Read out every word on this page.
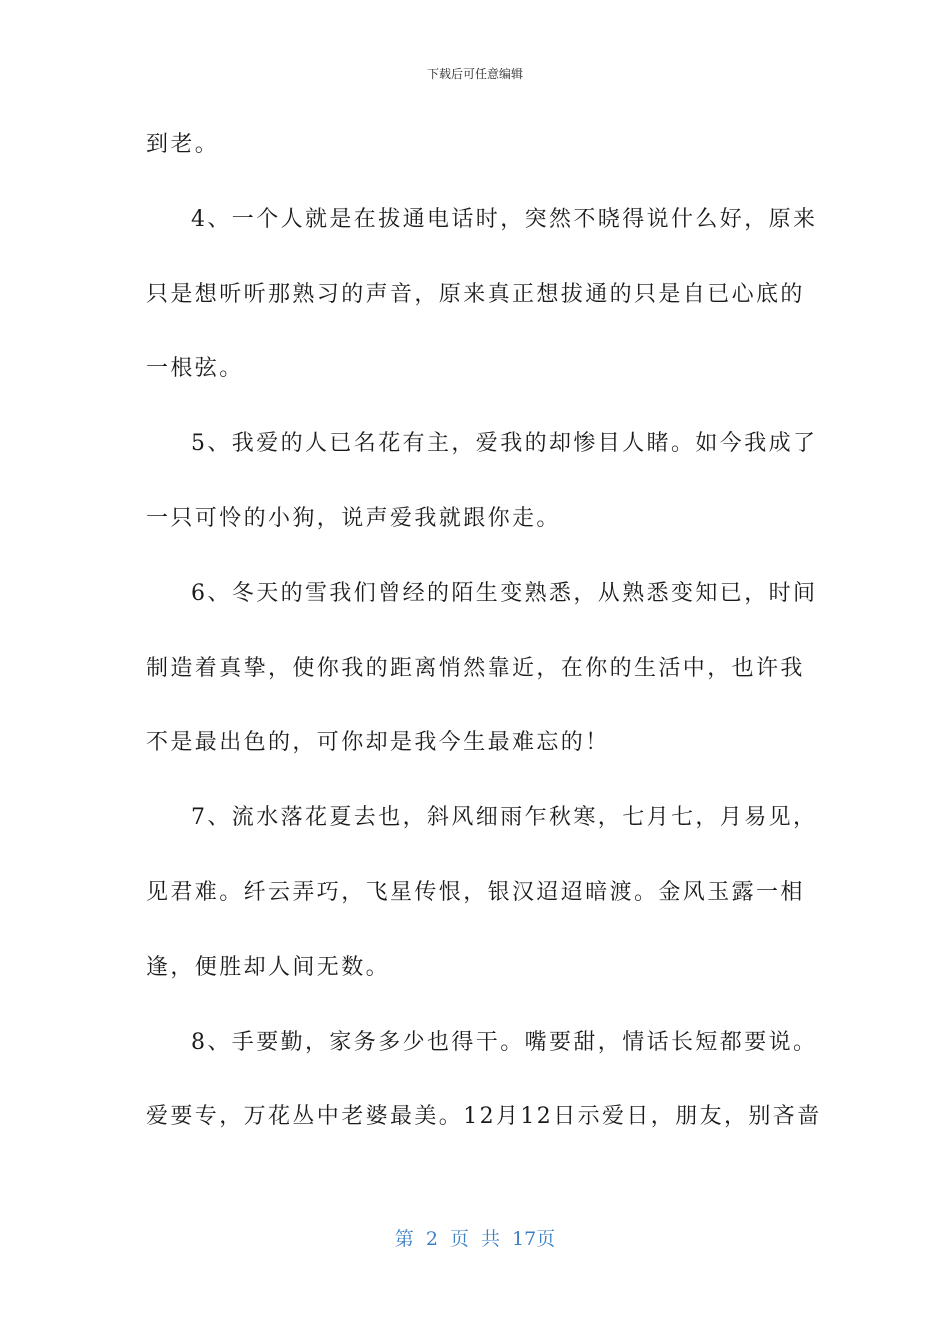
下载后可任意编辑
到老。
4、一个人就是在拔通电话时，突然不晓得说什么好，原来
只是想听听那熟习的声音，原来真正想拔通的只是自已心底的
一根弦。
5、我爱的人已名花有主，爱我的却惨目人睹。如今我成了
一只可怜的小狗，说声爱我就跟你走。
6、冬天的雪我们曾经的陌生变熟悉，从熟悉变知已，时间
制造着真挚，使你我的距离悄然靠近，在你的生活中，也许我
不是最出色的，可你却是我今生最难忘的！
7、流水落花夏去也，斜风细雨乍秋寒，七月七，月易见，
见君难。纤云弄巧，飞星传恨，银汉迢迢暗渡。金风玉露一相
逢，便胜却人间无数。
8、手要勤，家务多少也得干。嘴要甜，情话长短都要说。
爱要专，万花丛中老婆最美。12月12日示爱日，朋友，别吝啬
第 2 页 共 17页
